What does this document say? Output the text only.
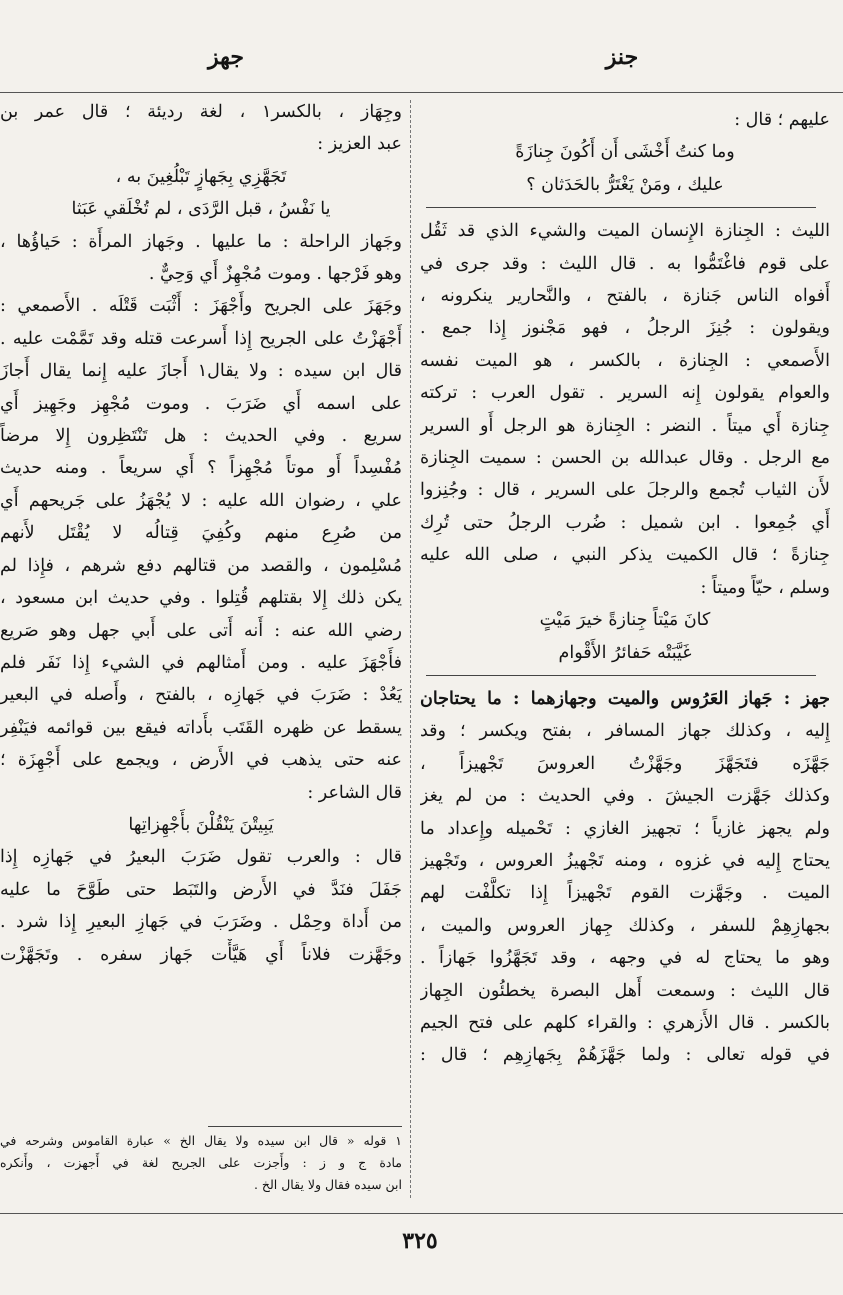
جنز
جهز
عليهم ؛ قال :
وما كنتُ أَخْشَى أَن أَكُونَ جِنازَةً
عليك ، ومَنْ يَغْتَرُّ بالحَدَثان ؟
الليث : الجِنازة الإِنسان الميت والشيء الذي قد ثَقُل
على قوم فاغْتَمُّوا به . قال الليث : وقد جرى في
أَفواه الناس جَنازة ، بالفتح ، والنَّحارير ينكرونه ،
ويقولون : جُنِزَ الرجلُ ، فهو مَجْنوز إِذا جمع .
الأَصمعي : الجِنازة ، بالكسر ، هو الميت نفسه
والعوام يقولون إِنه السرير . تقول العرب : تركته
جِنازة أَي ميتاً . النضر : الجِنازة هو الرجل أَو السرير
مع الرجل . وقال عبدالله بن الحسن : سميت الجِنازة
لأَن الثياب تُجمع والرجلَ على السرير ، قال : وجُنِزوا
أَي جُمِعوا . ابن شميل : ضُرب الرجلُ حتى تُرِك
جِنازةً ؛ قال الكميت يذكر النبي ، صلى الله عليه
وسلم ، حيّاً وميتاً :
كانَ مَيْتاً جِنازةً خيرَ مَيْتٍ
غَيَّبَتْه حَفائرُ الأَقْوام
جهز : جَهاز العَرُوس والميت وجهازهما : ما يحتاجان
إِليه ، وكذلك جهاز المسافر ، بفتح ويكسر ؛ وقد
جَهَّزَه فتَجَهَّزَ وجَهَّزْتُ العروسَ تَجْهيزاً ،
وكذلك جَهَّزت الجيشَ . وفي الحديث : من لم يغز
ولم يجهز غازياً ؛ تجهيز الغازي : تَحْميله وإِعداد ما
يحتاج إِليه في غزوه ، ومنه تَجْهيزُ العروس ، وتَجْهيز
الميت . وجَهَّزت القوم تَجْهيزاً إِذا تكلَّفْت لهم
بجهازِهِمْ للسفر ، وكذلك جِهاز العروس والميت ،
وهو ما يحتاج له في وجهه ، وقد تَجَهَّزُوا جَهازاً .
قال الليث : وسمعت أَهل البصرة يخطئُون الجِهاز
بالكسر . قال الأَزهري : والقراء كلهم على فتح الجيم
في قوله تعالى : ولما جَهَّزَهُمْ بِجَهازِهِم ؛ قال :
وجِهَاز ، بالكسر١ ، لغة رديئة ؛ قال عمر بن
عبد العزيز :
تَجَهَّزِي بِجَهازٍ تَبْلُغِينَ به ،
يا نَفْسُ ، قبل الرَّدَى ، لم تُخْلَقي عَبَثا
وجَهاز الراحلة : ما عليها . وجَهاز المرأَة : حَياؤُها ،
وهو فَرْجها . وموت مُجْهِزٌ أَي وَحِيٌّ .
وجَهَزَ على الجريح وأَجْهَزَ : أَثْبَت قَتْلَه . الأَصمعي :
أَجْهَزْتُ على الجريح إِذا أَسرعت قتله وقد تَمَّمْت عليه .
قال ابن سيده : ولا يقال١ أَجازَ عليه إِنما يقال أَجازَ
على اسمه أَي ضَرَبَ . وموت مُجْهِز وجَهِيز أَي
سريع . وفي الحديث : هل تَنْتَظِرون إِلا مرضاً
مُفْسِداً أَو موتاً مُجْهِزاً ؟ أَي سريعاً . ومنه حديث
علي ، رضوان الله عليه : لا يُجْهَزُ على جَريحهم أَي
من صُرِع منهم وكُفِيَ قِتالُه لا يُقْتَل لأَنهم
مُسْلِمون ، والقصد من قتالهم دفع شرهم ، فإِذا لم
يكن ذلك إِلا بقتلهم قُتِلوا . وفي حديث ابن مسعود ،
رضي الله عنه : أَنه أَتى على أَبي جهل وهو صَريع
فأَجْهَزَ عليه . ومن أَمثالهم في الشيء إِذا نَفَر فلم
يَعُدْ : ضَرَبَ في جَهازِه ، بالفتح ، وأَصله في البعير
يسقط عن ظهره القَتَب بأَداته فيقع بين قوائمه فيَنْفِر
عنه حتى يذهب في الأَرض ، ويجمع على أَجْهِزَة ؛
قال الشاعر :
يَبِيتْنَ يَنْقُلْنَ بأَجْهِزاتِها
قال : والعرب تقول ضَرَبَ البعيرُ في جَهازِه إِذا
جَفَلَ فنَدَّ في الأَرض والتَبَط حتى طَوَّحَ ما عليه
من أَداة وحِمْل . وضَرَبَ في جَهازِ البعيرِ إِذا شرد .
وجَهَّزت فلاناً أَي هَيَّأْت جَهاز سفره . وتَجَهَّزْت
١ قوله « قال ابن سيده ولا يقال الخ » عبارة القاموس وشرحه في
مادة ج و ز : وأَجزت على الجريح لغة في أَجهزت ، وأَنكره
ابن سيده فقال ولا يقال الخ .
٣٢٥
